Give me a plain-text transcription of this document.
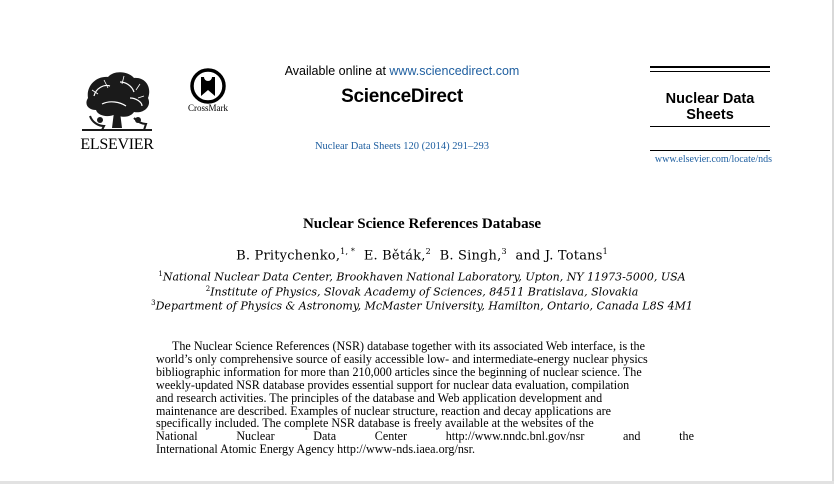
ELSEVIER
CrossMark
Available online at www.sciencedirect.com
ScienceDirect
Nuclear Data Sheets 120 (2014) 291–293
Nuclear Data
Sheets
www.elsevier.com/locate/nds
Nuclear Science References Database
B. Pritychenko,$^{1, *}$ E. Běták,$^2$ B. Singh,$^3$ and J. Totans$^1$
$^1$National Nuclear Data Center, Brookhaven National Laboratory, Upton, NY 11973-5000, USA
$^2$Institute of Physics, Slovak Academy of Sciences, 84511 Bratislava, Slovakia
$^3$Department of Physics & Astronomy, McMaster University, Hamilton, Ontario, Canada L8S 4M1
The Nuclear Science References (NSR) database together with its associated Web interface, is the
world’s only comprehensive source of easily accessible low- and intermediate-energy nuclear physics
bibliographic information for more than 210,000 articles since the beginning of nuclear science. The
weekly-updated NSR database provides essential support for nuclear data evaluation, compilation
and research activities. The principles of the database and Web application development and
maintenance are described. Examples of nuclear structure, reaction and decay applications are
specifically included. The complete NSR database is freely available at the websites of the
National	Nuclear	Data	Center	http://www.nndc.bnl.gov/nsr	and	the
International Atomic Energy Agency http://www-nds.iaea.org/nsr.
